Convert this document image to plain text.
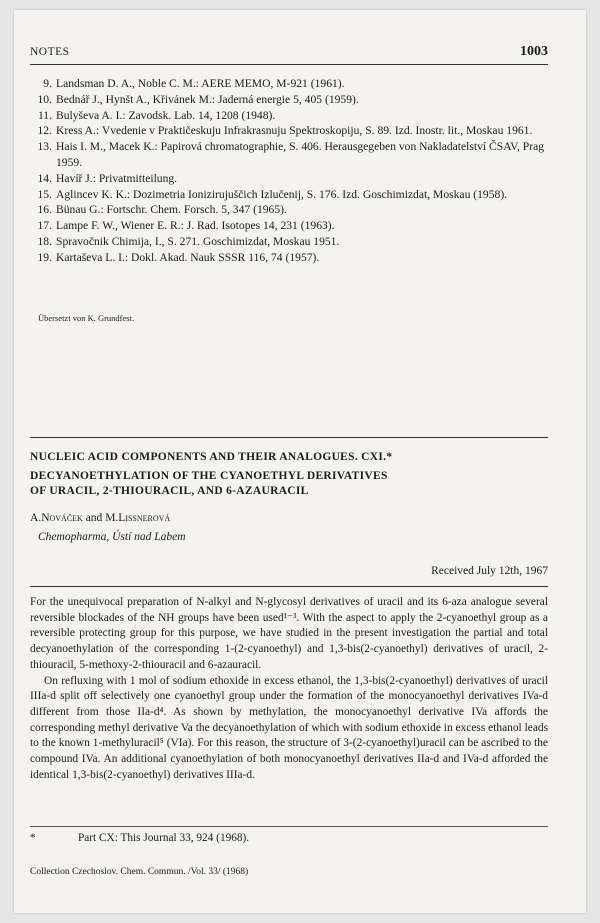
NOTES	1003
9. Landsman D. A., Noble C. M.: AERE MEMO, M-921 (1961).
10. Bednář J., Hynšt A., Křivánek M.: Jaderná energie 5, 405 (1959).
11. Bulyševa A. I.: Zavodsk. Lab. 14, 1208 (1948).
12. Kress A.: Vvedenie v Praktičeskuju Infrakrasnuju Spektroskopiju, S. 89. Izd. Inostr. lit., Moskau 1961.
13. Hais I. M., Macek K.: Papirová chromatographie, S. 406. Herausgegeben von Nakladatelství ČSAV, Prag 1959.
14. Havíř J.: Privatmitteilung.
15. Aglincev K. K.: Dozimetria Ionizirujuščich Izlučenij, S. 176. Izd. Goschimizdat, Moskau (1958).
16. Bünau G.: Fortschr. Chem. Forsch. 5, 347 (1965).
17. Lampe F. W., Wiener E. R.: J. Rad. Isotopes 14, 231 (1963).
18. Spravočnik Chimija, I., S. 271. Goschimizdat, Moskau 1951.
19. Kartaševa L. I.: Dokl. Akad. Nauk SSSR 116, 74 (1957).
Übersetzt von K. Grundfest.
NUCLEIC ACID COMPONENTS AND THEIR ANALOGUES. CXI.*
DECYANOETHYLATION OF THE CYANOETHYL DERIVATIVES
OF URACIL, 2-THIOURACIL, AND 6-AZAURACIL
A.Nováček and M.Lissnerová
Chemopharma, Ústí nad Labem
Received July 12th, 1967

For the unequivocal preparation of N-alkyl and N-glycosyl derivatives of uracil and its 6-aza analogue several reversible blockades of the NH groups have been used¹⁻³. With the aspect to apply the 2-cyanoethyl group as a reversible protecting group for this purpose, we have studied in the present investigation the partial and total decyanoethylation of the corresponding 1-(2-cyanoethyl) and 1,3-bis(2-cyanoethyl) derivatives of uracil, 2-thiouracil, 5-methoxy-2-thiouracil and 6-azauracil.

On refluxing with 1 mol of sodium ethoxide in excess ethanol, the 1,3-bis(2-cyanoethyl) derivatives of uracil IIIa-d split off selectively one cyanoethyl group under the formation of the monocyanoethyl derivatives IVa-d different from those IIa-d⁴. As shown by methylation, the monocyanoethyl derivative IVa affords the corresponding methyl derivative Va the decyanoethylation of which with sodium ethoxide in excess ethanol leads to the known 1-methyluracil⁵ (VIa). For this reason, the structure of 3-(2-cyanoethyl)uracil can be ascribed to the compound IVa. An additional cyanoethylation of both monocyanoethyl derivatives IIa-d and IVa-d afforded the identical 1,3-bis(2-cyanoethyl) derivatives IIIa-d.

*	Part CX: This Journal 33, 924 (1968).
Collection Czechoslov. Chem. Commun. /Vol. 33/ (1968)
